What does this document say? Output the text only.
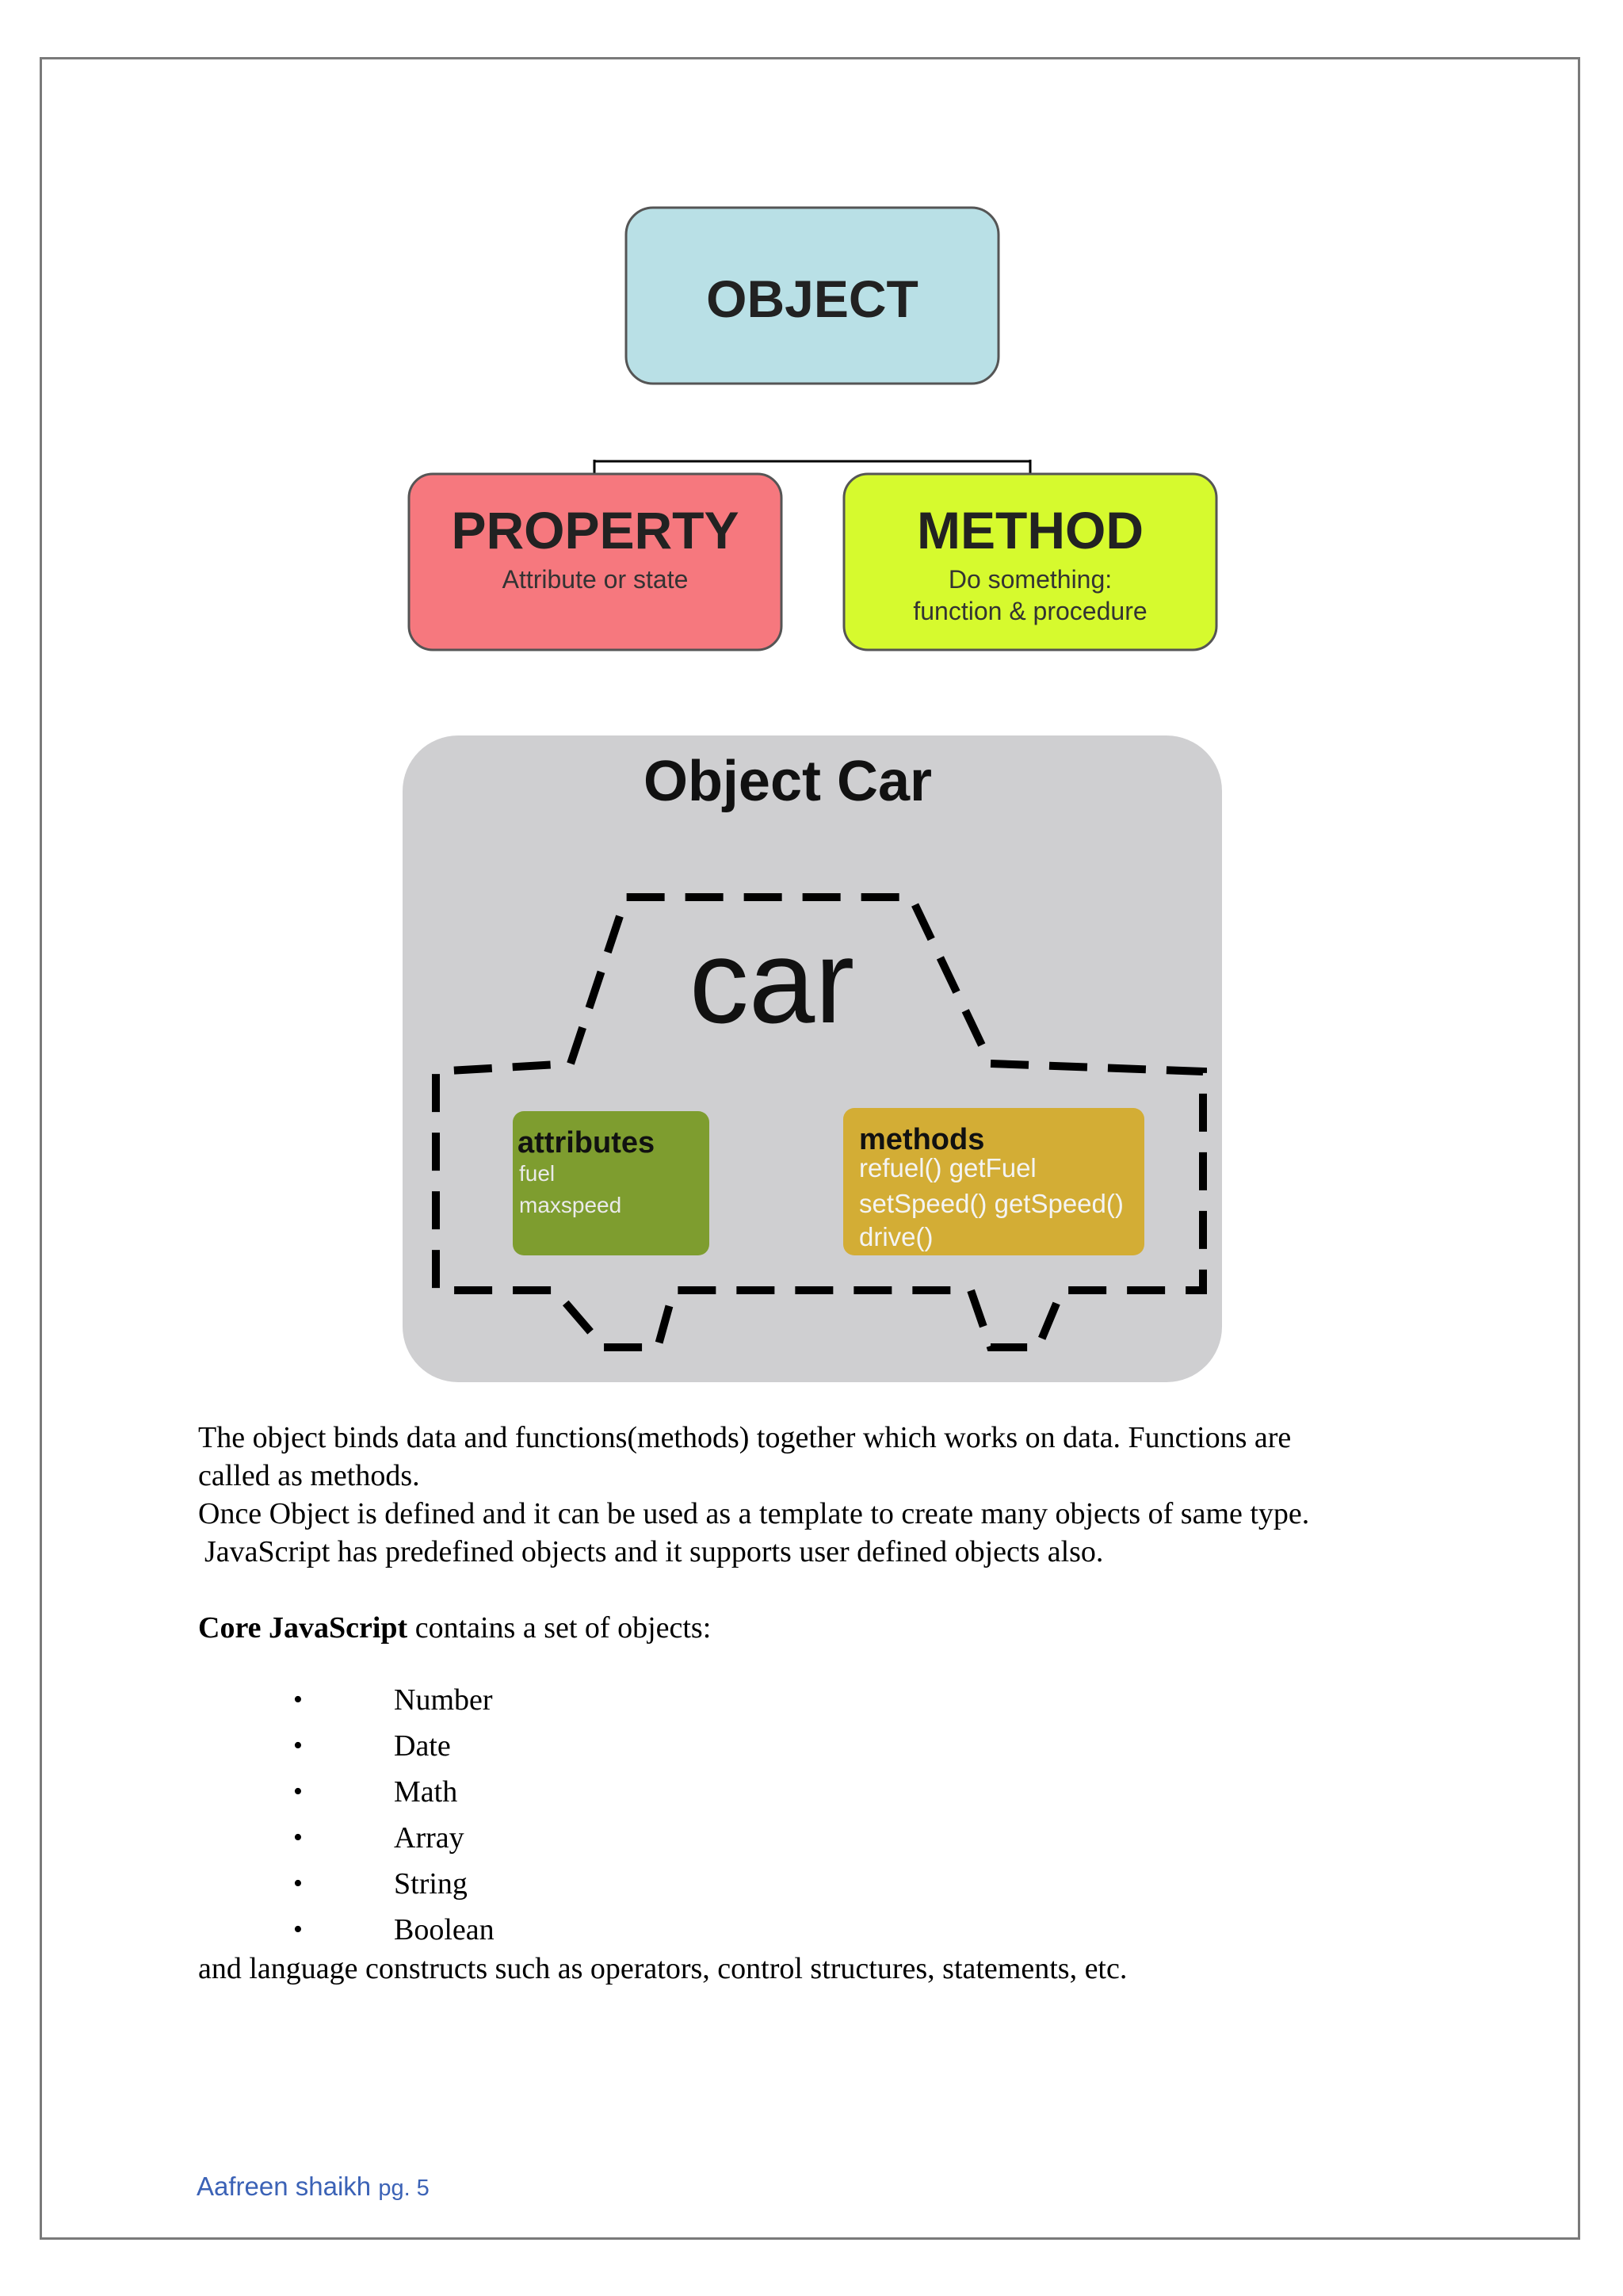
OBJECT
PROPERTY
Attribute or state
METHOD
Do something:
function & procedure
Object Car
car
attributes
fuel
maxspeed
methods
refuel() getFuel
setSpeed() getSpeed()
drive()

The object binds data and functions(methods) together which works on data. Functions are

called as methods.

Once Object is defined and it can be used as a template to create many objects of same type.

JavaScript has predefined objects and it supports user defined objects also.

Core JavaScript contains a set of objects:

•	Number
•	Date
•	Math
•	Array
•	String
•	Boolean

and language constructs such as operators, control structures, statements, etc.

Aafreen shaikh pg. 5
